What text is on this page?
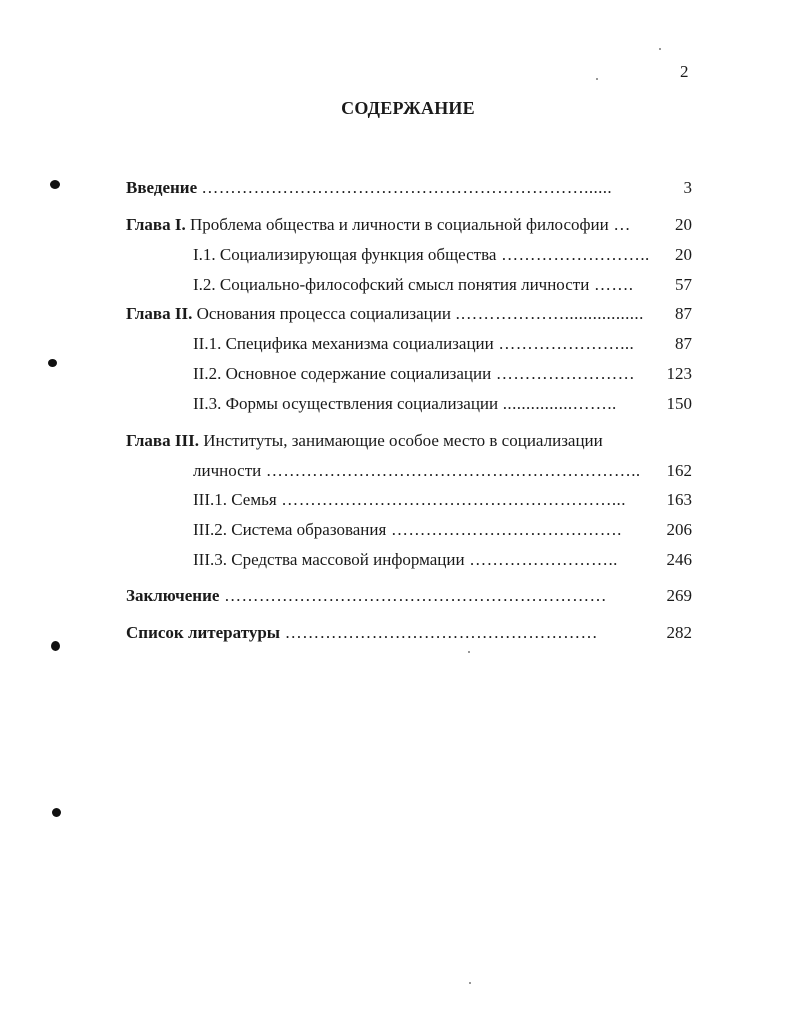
2
СОДЕРЖАНИЕ
Введение …………………………………………………………......	3
Глава I. Проблема общества и личности в социальной философии …	20
I.1. Социализирующая функция общества ……………………..	20
I.2. Социально-философский смысл понятия личности …….	57
Глава II. Основания процесса социализации .……………….................	87
II.1. Специфика механизма социализации …………………...	87
II.2. Основное содержание социализации ……………………	123
II.3. Формы осуществления социализации ...............……..	150
Глава III. Институты, занимающие особое место в социализации
личности ………………………………………………………..	162
III.1. Семья …………………………………………………...	163
III.2. Система образования ………………………………….	206
III.3. Средства массовой информации ……………………..	246
Заключение …………………………………………………………	269
Список литературы ………………………………………………	282
